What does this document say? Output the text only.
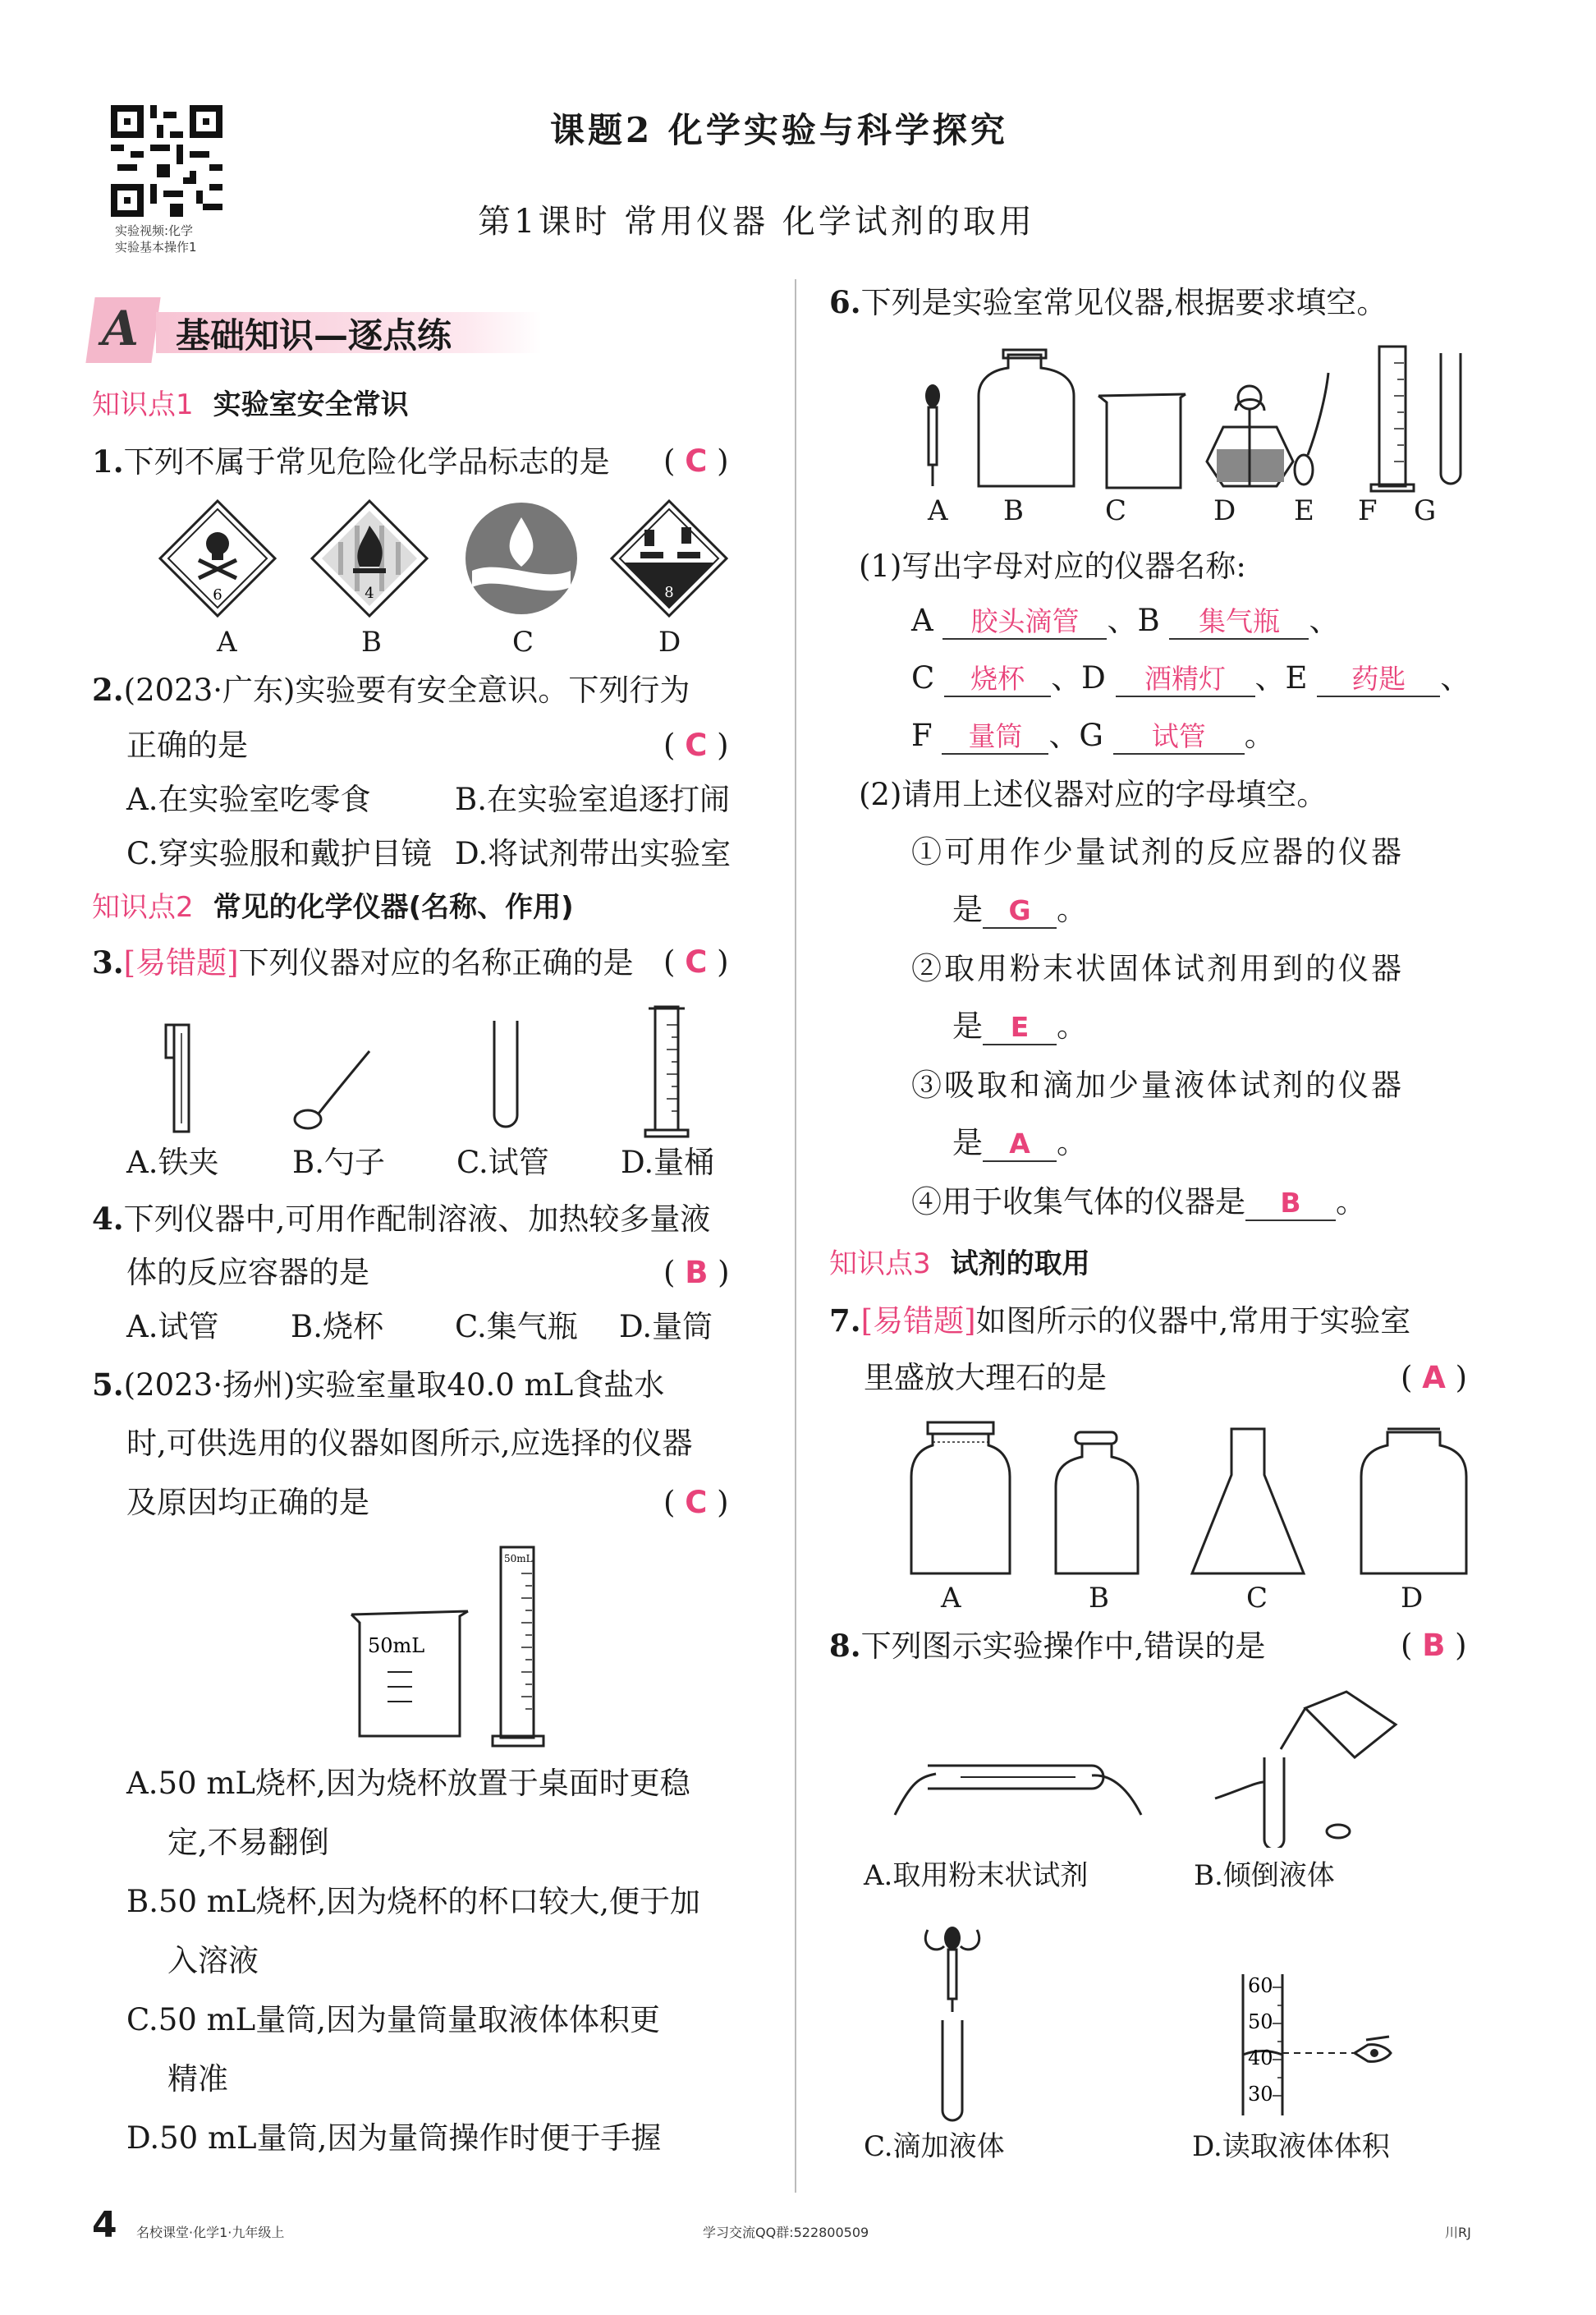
实验视频:化学
实验基本操作1
课题2 化学实验与科学探究
第1课时 常用仪器 化学试剂的取用
A 基础知识—逐点练
知识点1 实验室安全常识
1.下列不属于常见危险化学品标志的是 ( C )
6	4	8
A	B	C	D
2.(2023·广东)实验要有安全意识。下列行为
正确的是	( C )
A.在实验室吃零食	B.在实验室追逐打闹
C.穿实验服和戴护目镜 D.将试剂带出实验室
知识点2 常见的化学仪器(名称、作用)
3.[易错题]下列仪器对应的名称正确的是 ( C )
A.铁夹 B.勺子 C.试管 D.量桶
4.下列仪器中,可用作配制溶液、加热较多量液
体的反应容器的是	( B )
A.试管 B.烧杯 C.集气瓶 D.量筒
5.(2023·扬州)实验室量取40.0 mL食盐水
时,可供选用的仪器如图所示,应选择的仪器
及原因均正确的是	( C )
50mL
50mL
A.50 mL烧杯,因为烧杯放置于桌面时更稳
定,不易翻倒
B.50 mL烧杯,因为烧杯的杯口较大,便于加
入溶液
C.50 mL量筒,因为量筒量取液体体积更
精准
D.50 mL量筒,因为量筒操作时便于手握
6.下列是实验室常见仪器,根据要求填空。
A B	C	D E F G
(1)写出字母对应的仪器名称:
A 胶头滴管 、B 集气瓶 、
C 烧杯 、D 酒精灯 、E 药匙 、
F 量筒 、G 试管 。
(2)请用上述仪器对应的字母填空。
①可用作少量试剂的反应器的仪器
是 G 。
②取用粉末状固体试剂用到的仪器
是 E 。
③吸取和滴加少量液体试剂的仪器
是 A 。
④用于收集气体的仪器是 B 。
知识点3 试剂的取用
7.[易错题]如图所示的仪器中,常用于实验室
里盛放大理石的是	( A )
A	B	C	D
8.下列图示实验操作中,错误的是	( B )
A.取用粉末状试剂	B.倾倒液体
C.滴加液体
60
50
40
30
D.读取液体体积
4 名校课堂·化学1·九年级上	学习交流QQ群:522800509	川RJ
